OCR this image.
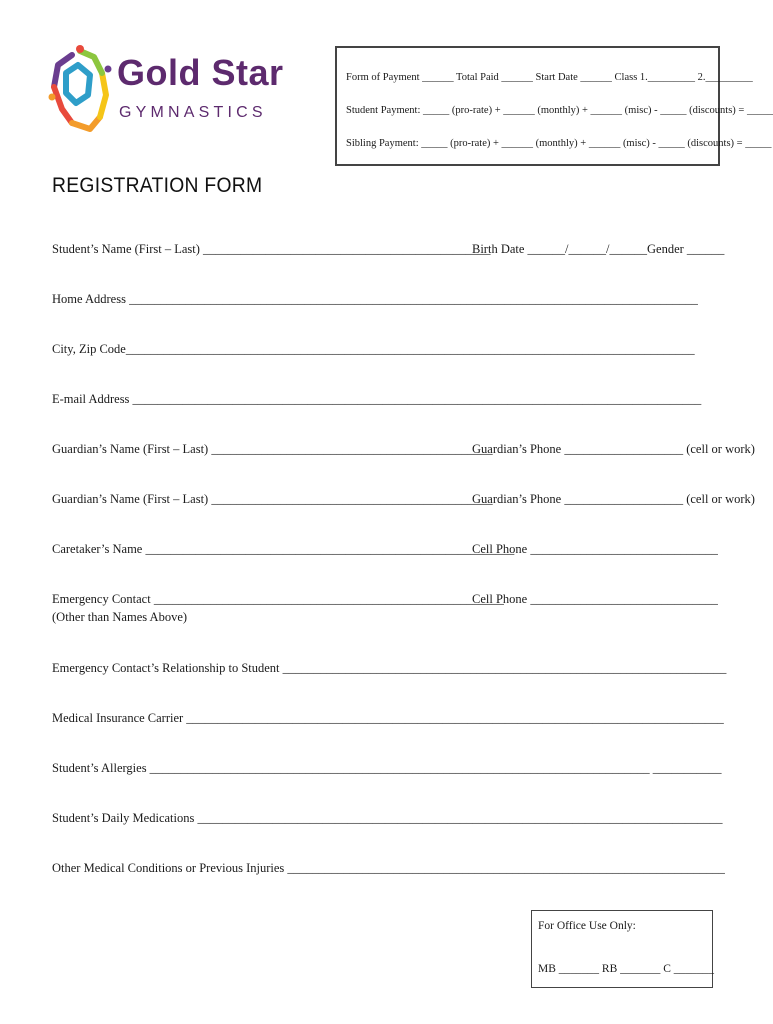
Gold Star
GYMNASTICS
Form of Payment ______ Total Paid ______ Start Date ______ Class 1._________ 2._________
Student Payment: _____ (pro-rate) + ______ (monthly) + ______ (misc) - _____ (discounts) = _____
Sibling Payment: _____ (pro-rate) + ______ (monthly) + ______ (misc) - _____ (discounts) = _____
REGISTRATION FORM
Student’s Name (First – Last) ______________________________________________
Birth Date ______/______/______ Gender ______
Home Address ___________________________________________________________________________________________
City, Zip Code___________________________________________________________________________________________
E-mail Address ___________________________________________________________________________________________
Guardian’s Name (First – Last) _____________________________________________
Guardian’s Phone ___________________ (cell or work)
Guardian’s Name (First – Last) _____________________________________________
Guardian’s Phone ___________________ (cell or work)
Caretaker’s Name ___________________________________________________________
Cell Phone ______________________________
Emergency Contact ________________________________________________________
Cell Phone ______________________________
(Other than Names Above)
Emergency Contact’s Relationship to Student _______________________________________________________________________
Medical Insurance Carrier ______________________________________________________________________________________
Student’s Allergies ________________________________________________________________________________ ___________
Student’s Daily Medications ____________________________________________________________________________________
Other Medical Conditions or Previous Injuries ______________________________________________________________________
For Office Use Only:
MB _______ RB _______ C _______
